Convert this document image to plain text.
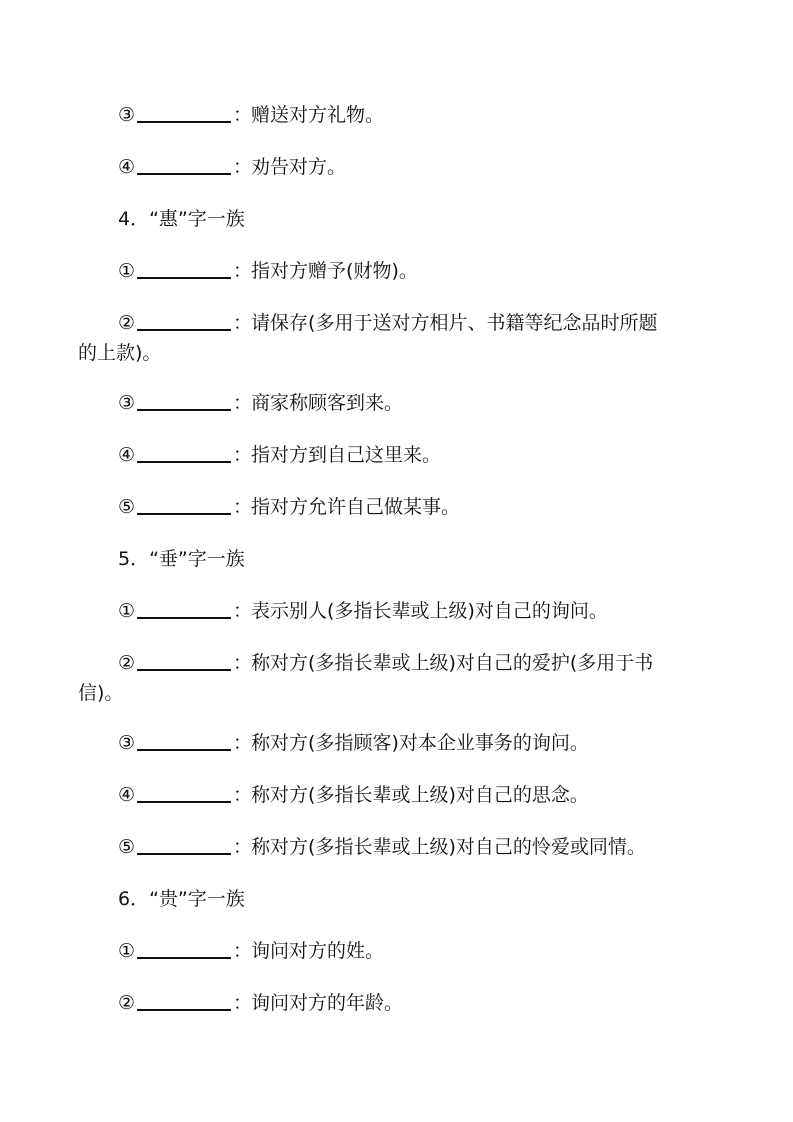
③	：赠送对方礼物。
④	：劝告对方。
4．“惠”字一族
①	：指对方赠予(财物)。
②	：请保存(多用于送对方相片、书籍等纪念品时所题
的上款)。
③	：商家称顾客到来。
④	：指对方到自己这里来。
⑤	：指对方允许自己做某事。
5．“垂”字一族
①	：表示别人(多指长辈或上级)对自己的询问。
②	：称对方(多指长辈或上级)对自己的爱护(多用于书
信)。
③	：称对方(多指顾客)对本企业事务的询问。
④	：称对方(多指长辈或上级)对自己的思念。
⑤	：称对方(多指长辈或上级)对自己的怜爱或同情。
6．“贵”字一族
①	：询问对方的姓。
②	：询问对方的年龄。
